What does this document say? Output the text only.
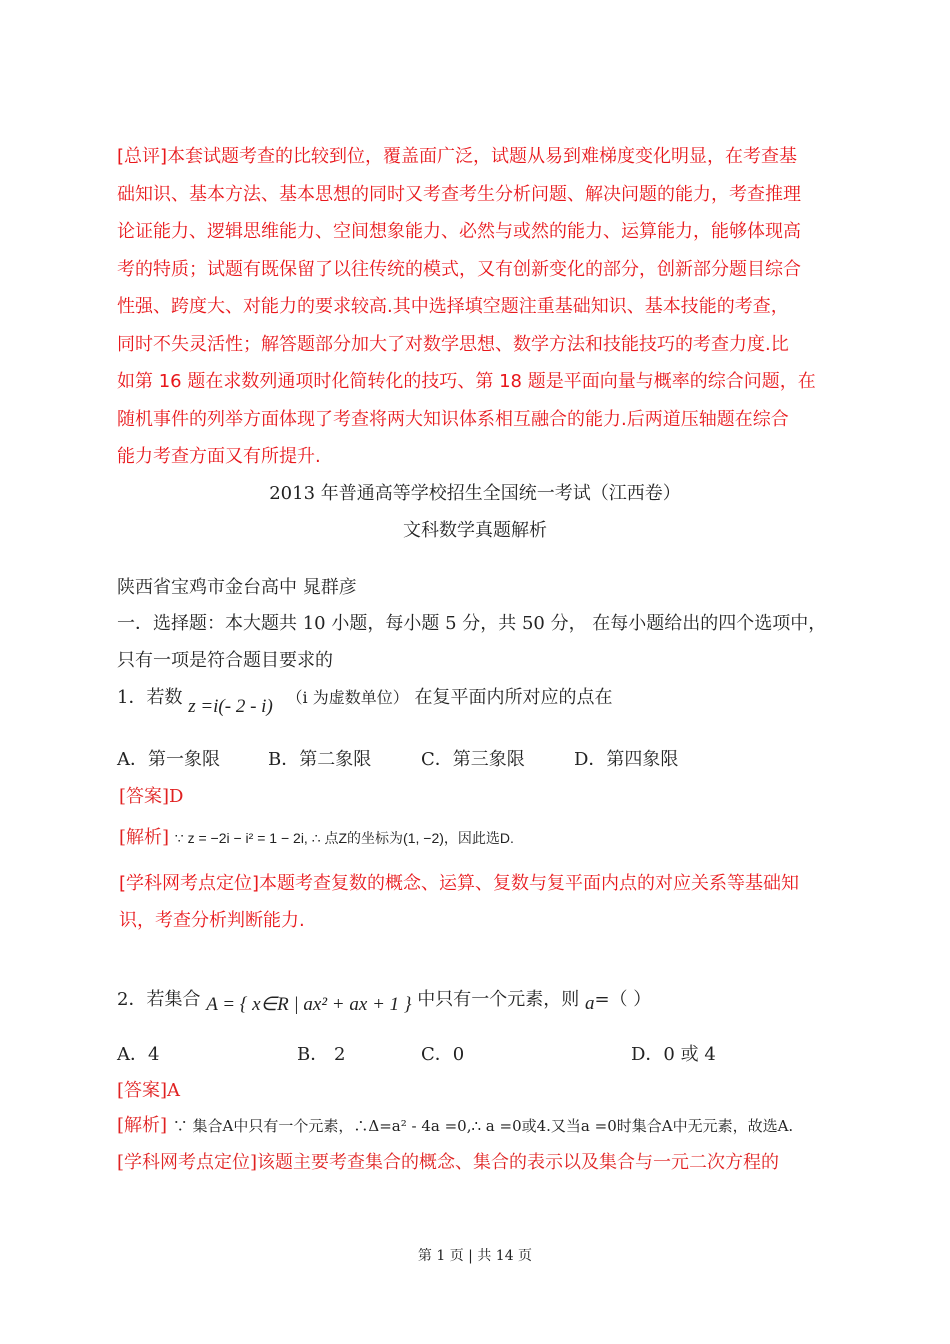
[总评]本套试题考查的比较到位，覆盖面广泛，试题从易到难梯度变化明显，在考查基
础知识、基本方法、基本思想的同时又考查考生分析问题、解决问题的能力，考查推理
论证能力、逻辑思维能力、空间想象能力、必然与或然的能力、运算能力，能够体现高
考的特质；试题有既保留了以往传统的模式，又有创新变化的部分，创新部分题目综合
性强、跨度大、对能力的要求较高.其中选择填空题注重基础知识、基本技能的考查，
同时不失灵活性；解答题部分加大了对数学思想、数学方法和技能技巧的考查力度.比
如第 16 题在求数列通项时化简转化的技巧、第 18 题是平面向量与概率的综合问题，在
随机事件的列举方面体现了考查将两大知识体系相互融合的能力.后两道压轴题在综合
能力考查方面又有所提升.
2013 年普通高等学校招生全国统一考试（江西卷）
文科数学真题解析
陕西省宝鸡市金台高中 晁群彦
一．选择题：本大题共 10 小题，每小题 5 分，共 50 分， 在每小题给出的四个选项中，
只有一项是符合题目要求的
1．若数 z =i(- 2 - i) （i 为虚数单位） 在复平面内所对应的点在
A．第一象限	B．第二象限	C．第三象限	D．第四象限
[答案]D
[解析] ∵ z = −2i − i² = 1 − 2i, ∴ 点Z的坐标为(1, −2)，因此选D.
[学科网考点定位]本题考查复数的概念、运算、复数与复平面内点的对应关系等基础知
识，考查分析判断能力.
2．若集合 A = { x∈R | ax² + ax + 1 } 中只有一个元素，则 a=（ ）
A．4	B． 2	C．0	D．0 或 4
[答案]A
[解析] ∵ 集合A中只有一个元素，∴Δ=a² - 4a =0,∴ a =0或4.又当a =0时集合A中无元素，故选A.
[学科网考点定位]该题主要考查集合的概念、集合的表示以及集合与一元二次方程的
第 1 页 | 共 14 页
